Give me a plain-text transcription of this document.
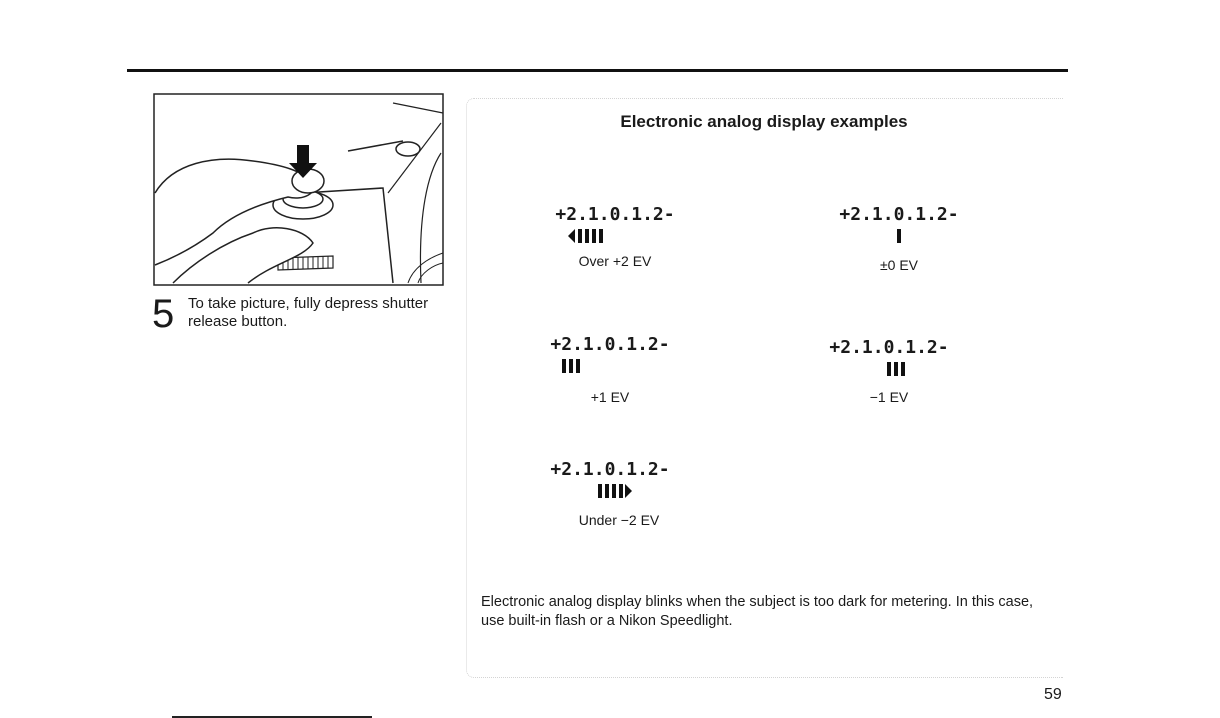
5 To take picture, fully depress shutter release button.
Electronic analog display examples
+2.1.0.1.2-
Over +2 EV
+2.1.0.1.2-
±0 EV
+2.1.0.1.2-
+1 EV
+2.1.0.1.2-
−1 EV
+2.1.0.1.2-
Under −2 EV
Electronic analog display blinks when the subject is too dark for metering. In this case, use built-in flash or a Nikon Speedlight.
59
